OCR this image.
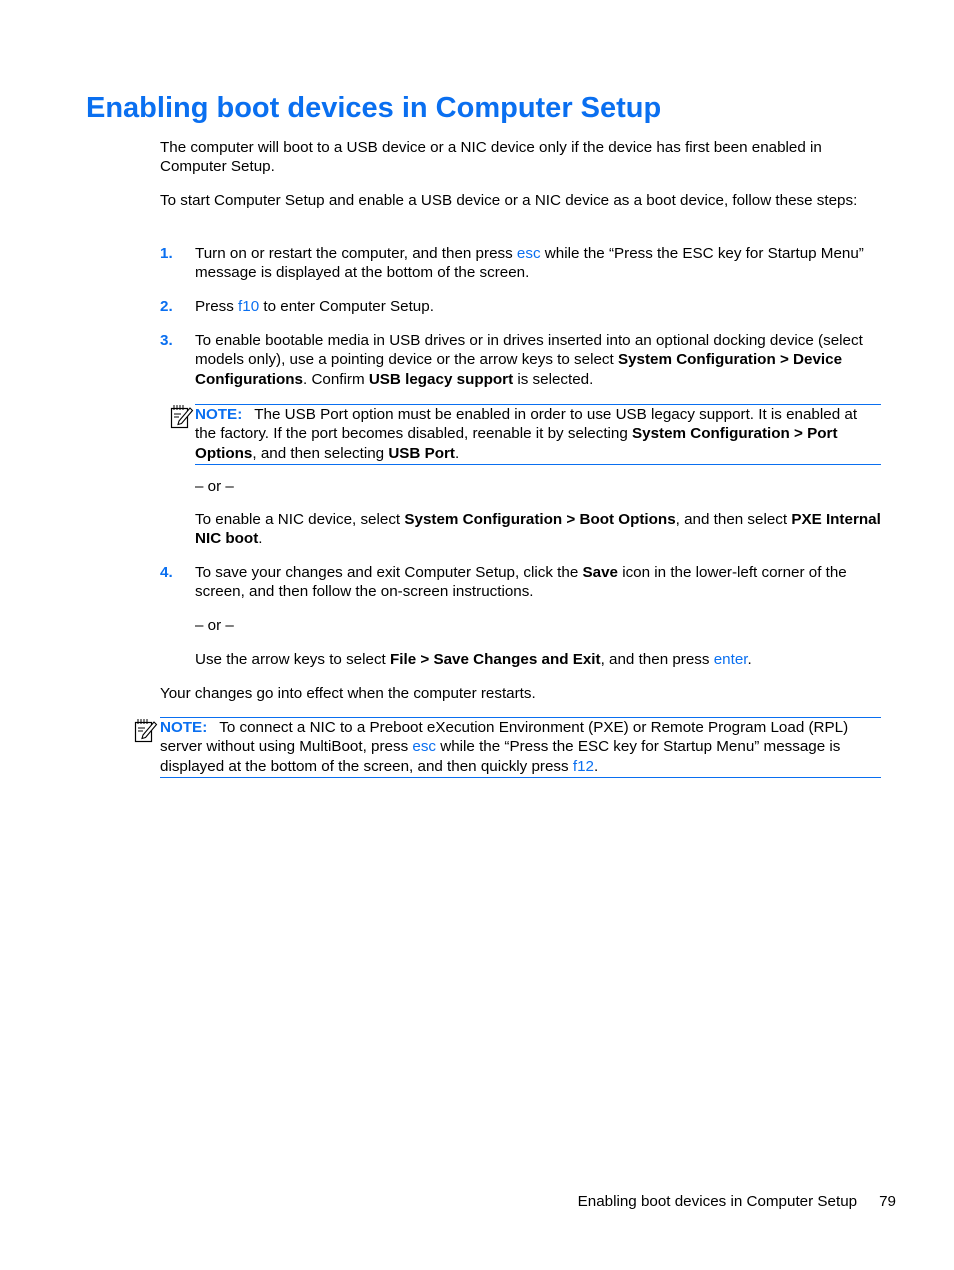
Enabling boot devices in Computer Setup

The computer will boot to a USB device or a NIC device only if the device has first been enabled in Computer Setup.

To start Computer Setup and enable a USB device or a NIC device as a boot device, follow these steps:

1.	Turn on or restart the computer, and then press esc while the “Press the ESC key for Startup Menu” message is displayed at the bottom of the screen.
2.	Press f10 to enter Computer Setup.
3.	To enable bootable media in USB drives or in drives inserted into an optional docking device (select models only), use a pointing device or the arrow keys to select System Configuration > Device Configurations. Confirm USB legacy support is selected.
NOTE: The USB Port option must be enabled in order to use USB legacy support. It is enabled at the factory. If the port becomes disabled, reenable it by selecting System Configuration > Port Options, and then selecting USB Port.

– or –

To enable a NIC device, select System Configuration > Boot Options, and then select PXE Internal NIC boot.

4.	To save your changes and exit Computer Setup, click the Save icon in the lower-left corner of the screen, and then follow the on-screen instructions.

– or –

Use the arrow keys to select File > Save Changes and Exit, and then press enter.

Your changes go into effect when the computer restarts.

NOTE: To connect a NIC to a Preboot eXecution Environment (PXE) or Remote Program Load (RPL) server without using MultiBoot, press esc while the “Press the ESC key for Startup Menu” message is displayed at the bottom of the screen, and then quickly press f12.
Enabling boot devices in Computer Setup 79
